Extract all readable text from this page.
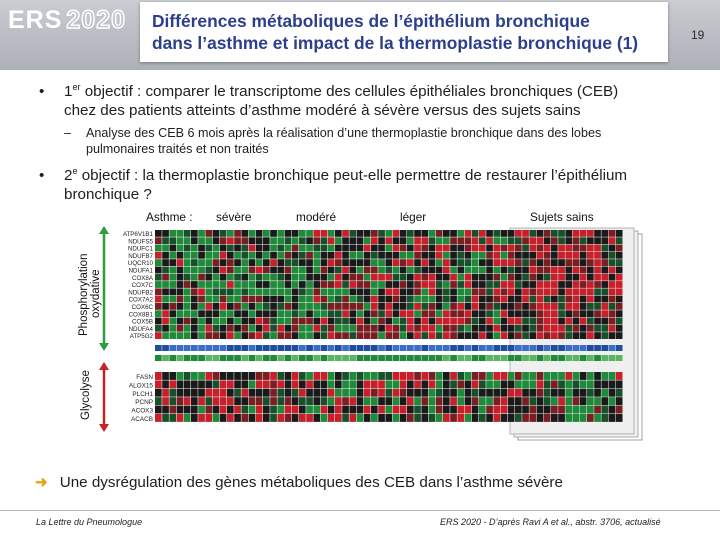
ERS 2020 Différences métaboliques de l’épithélium bronchique
dans l’asthme et impact de la thermoplastie bronchique (1)	19
• 1er objectif : comparer le transcriptome des cellules épithéliales bronchiques (CEB)
chez des patients atteints d’asthme modéré à sévère versus des sujets sains
– Analyse des CEB 6 mois après la réalisation d’une thermoplastie bronchique dans des lobes
pulmonaires traités et non traités
• 2e objectif : la thermoplastie bronchique peut-elle permettre de restaurer l’épithélium
bronchique ?
Asthme : sévère	modéré	léger	Sujets sains
Phosphorylation oxydative
Glycolyse
ATP6V1B1
NDUFS5
NDUFC1
NDUFB7
UQCR10
NDUFA1
COX8A
COX7C
NDUFB2
COX7A2
COX6C
COX8B1
COX5B
NDUFA4
ATP5G2
FASN
ALOX15
PLCH1
PCNP
ACOX3
ACACB
➜ Une dysrégulation des gènes métaboliques des CEB dans l’asthme sévère
La Lettre du Pneumologue	ERS 2020 - D’après Ravi A et al., abstr. 3706, actualisé
